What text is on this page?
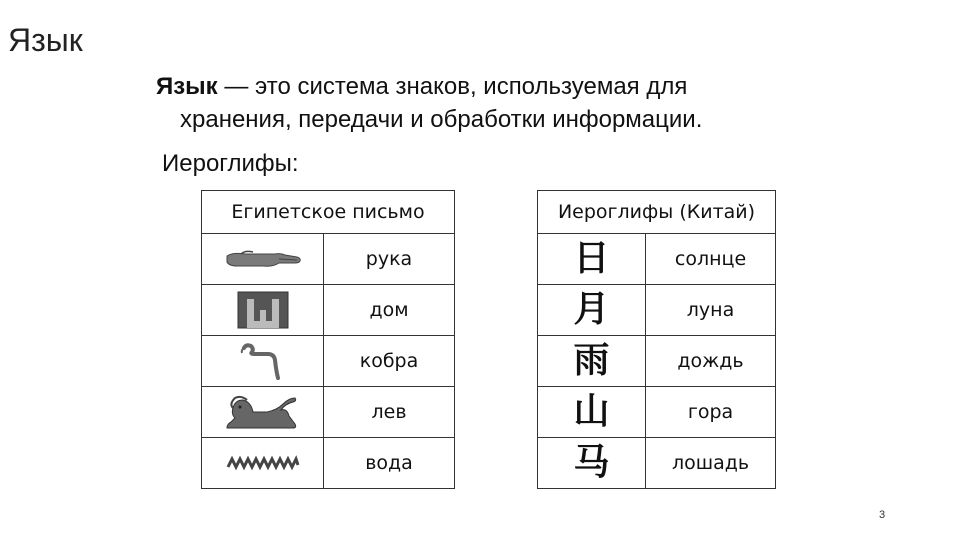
Язык
Язык — это система знаков, используемая для
хранения, передачи и обработки информации.
Иероглифы:
Египетское письмо	

	рука

	дом

	кобра

	лев

	вода
Иероглифы (Китай)	
日	солнце
月	луна
雨	дождь
山	гора
马	лошадь
3
